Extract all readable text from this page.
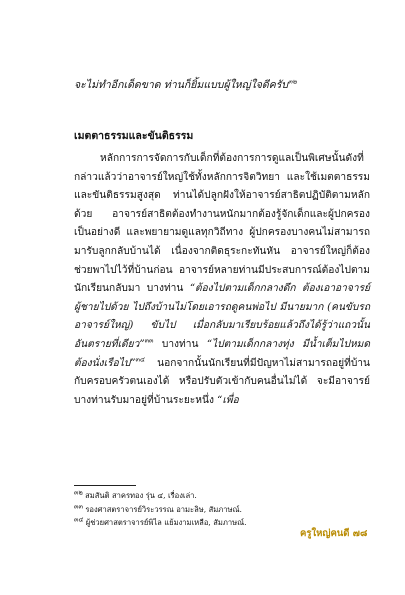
จะไม่ทำอีกเด็ดขาด ท่านก็ยิ้มแบบผู้ใหญ่ใจดีครับ$^{๓๒}$
เมตตาธรรมและขันติธรรม

หลักการการจัดการกับเด็กที่ต้องการการดูแลเป็นพิเศษนั้นดังที่กล่าวแล้วว่าอาจารย์ใหญ่ใช้ทั้งหลักการจิตวิทยา และใช้เมตตาธรรมและขันติธรรมสูงสุด ท่านได้ปลูกฝังให้อาจารย์สาธิตปฏิบัติตามหลักด้วย อาจารย์สาธิตต้องทำงานหนักมากต้องรู้จักเด็กและผู้ปกครองเป็นอย่างดี และพยายามดูแลทุกวิถีทาง ผู้ปกครองบางคนไม่สามารถมารับลูกกลับบ้านได้ เนื่องจากติดธุระกะทันหัน อาจารย์ใหญ่ก็ต้องช่วยพาไปไว้ที่บ้านก่อน อาจารย์หลายท่านมีประสบการณ์ต้องไปตามนักเรียนกลับมา บางท่าน “ต้องไปตามเด็กกลางดึก ต้องเอาอาจารย์ผู้ชายไปด้วย ไปถึงบ้านไม่โดยเอารถดูคนพ่อไป มีนายมาก (คนขับรถอาจารย์ใหญ่) ขับไป เมื่อกลับมาเรียบร้อยแล้วถึงได้รู้ว่าแถวนั้นอันตรายที่เดียว”$^{๓๓}$ บางท่าน “ไปตามเด็กกลางทุ่ง มีน้ำเต็มไปหมด ต้องนั่งเรือไป”$^{๓๔}$ นอกจากนั้นนักเรียนที่มีปัญหาไม่สามารถอยู่ที่บ้านกับครอบครัวตนเองได้ หรือปรับตัวเข้ากับคนอื่นไม่ได้ จะมีอาจารย์บางท่านรับมาอยู่ที่บ้านระยะหนึ่ง “เพื่อ

$^{๓๒}$ สมสันติ สาครทอง รุ่น ๔, เรื่องเล่า.
$^{๓๓}$ รองศาสตราจารย์วิระวรรณ อามะลิษ, สัมภาษณ์.
$^{๓๔}$ ผู้ช่วยศาสตราจารย์พิไล แย้มงามเหลือ, สัมภาษณ์.
ครูใหญ่คนดี ๗๘
